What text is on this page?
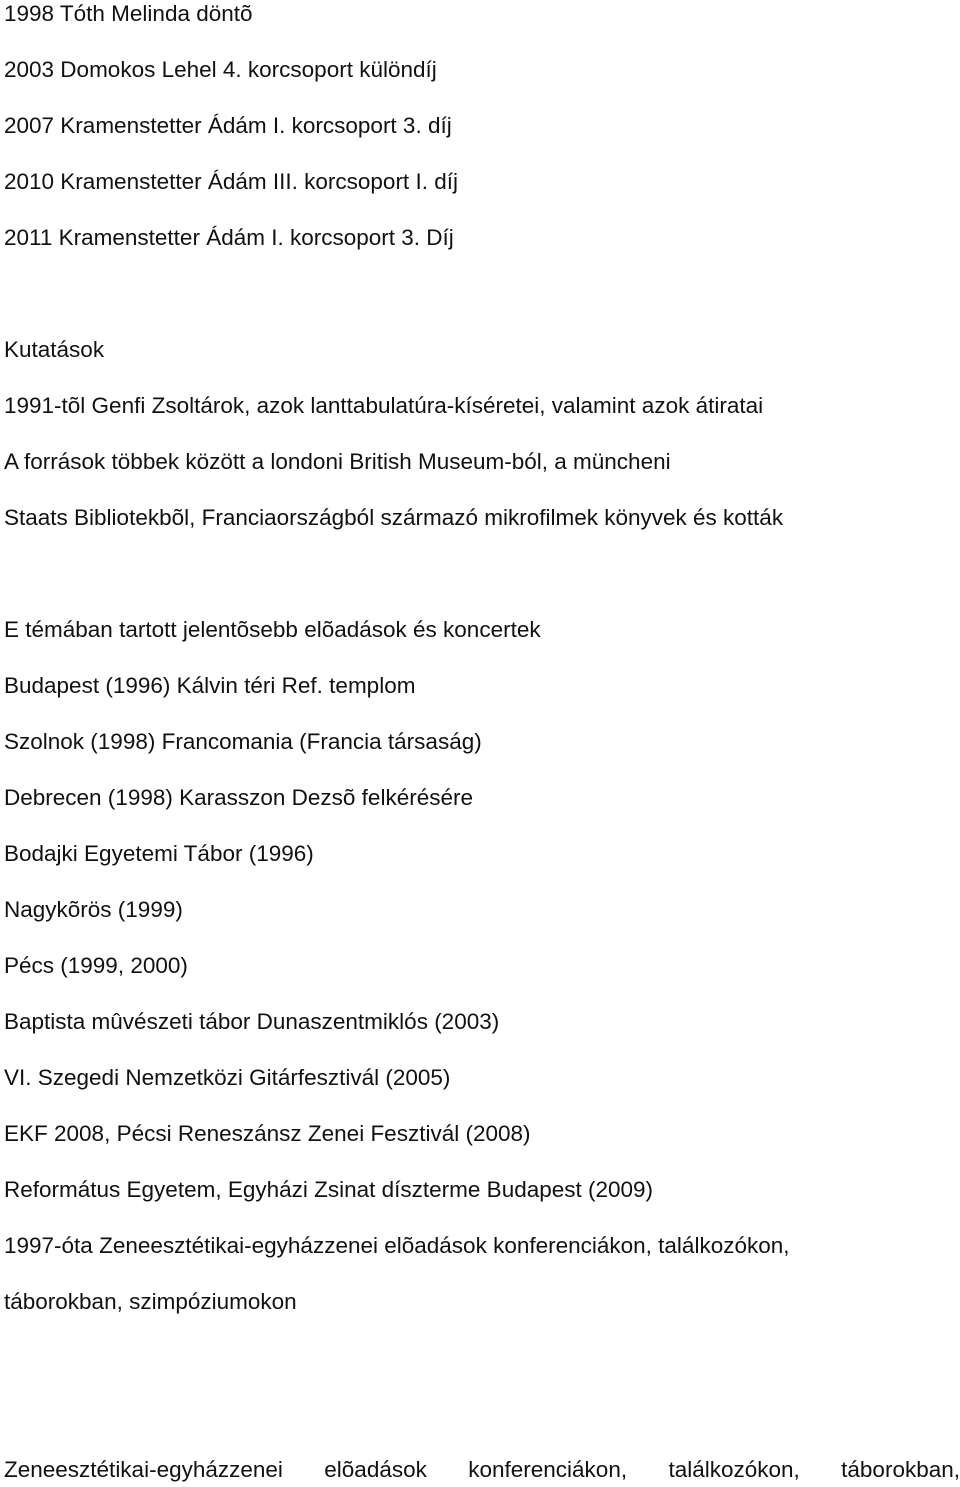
1998 Tóth Melinda döntõ

2003 Domokos Lehel 4. korcsoport különdíj

2007 Kramenstetter Ádám I. korcsoport 3. díj

2010 Kramenstetter Ádám III. korcsoport I. díj

2011 Kramenstetter Ádám I. korcsoport 3. Díj

Kutatások

1991-tõl Genfi Zsoltárok, azok lanttabulatúra-kíséretei, valamint azok átiratai

A források többek között a londoni British Museum-ból, a müncheni

Staats Bibliotekbõl, Franciaországból származó mikrofilmek könyvek és kották

E témában tartott jelentõsebb elõadások és koncertek

Budapest (1996) Kálvin téri Ref. templom

Szolnok (1998) Francomania (Francia társaság)

Debrecen (1998) Karasszon Dezsõ felkérésére

Bodajki Egyetemi Tábor (1996)

Nagykõrös (1999)

Pécs (1999, 2000)

Baptista mûvészeti tábor Dunaszentmiklós (2003)

VI. Szegedi Nemzetközi Gitárfesztivál (2005)

EKF 2008, Pécsi Reneszánsz Zenei Fesztivál (2008)

Református Egyetem, Egyházi Zsinat díszterme Budapest (2009)

1997-óta Zeneesztétikai-egyházzenei elõadások konferenciákon, találkozókon,

táborokban, szimpóziumokon

Zeneesztétikai-egyházzenei elõadások konferenciákon, találkozókon, táborokban,
